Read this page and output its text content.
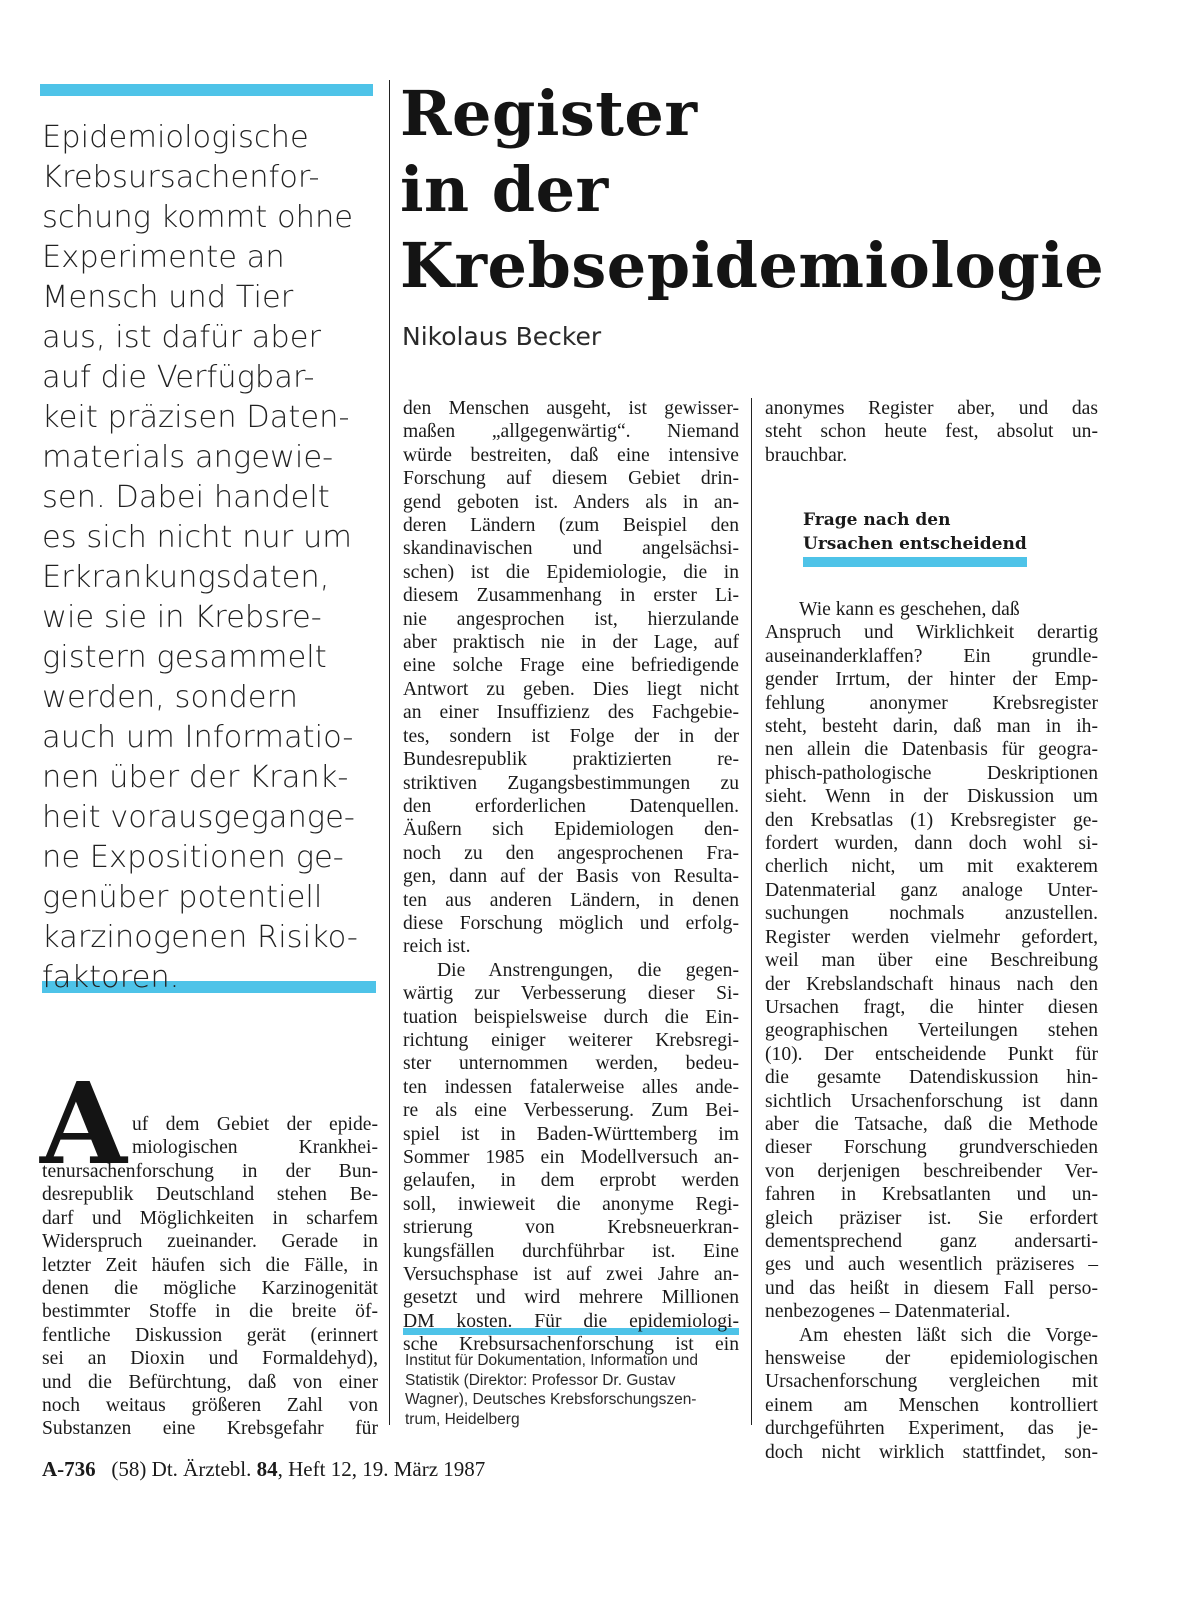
Epidemiologische
Krebsursachenfor-
schung kommt ohne
Experimente an
Mensch und Tier
aus, ist dafür aber
auf die Verfügbar-
keit präzisen Daten-
materials angewie-
sen. Dabei handelt
es sich nicht nur um
Erkrankungsdaten,
wie sie in Krebsre-
gistern gesammelt
werden, sondern
auch um Informatio-
nen über der Krank-
heit vorausgegange-
ne Expositionen ge-
genüber potentiell
karzinogenen Risiko-
faktoren.
Register
in der
Krebsepidemiologie
Nikolaus Becker
A uf dem Gebiet der epide-
miologischen Krankhei-
tenursachenforschung in der Bun-
desrepublik Deutschland stehen Be-
darf und Möglichkeiten in scharfem
Widerspruch zueinander. Gerade in
letzter Zeit häufen sich die Fälle, in
denen die mögliche Karzinogenität
bestimmter Stoffe in die breite öf-
fentliche Diskussion gerät (erinnert
sei an Dioxin und Formaldehyd),
und die Befürchtung, daß von einer
noch weitaus größeren Zahl von
Substanzen eine Krebsgefahr für
den Menschen ausgeht, ist gewisser-
maßen „allgegenwärtig“. Niemand
würde bestreiten, daß eine intensive
Forschung auf diesem Gebiet drin-
gend geboten ist. Anders als in an-
deren Ländern (zum Beispiel den
skandinavischen und angelsächsi-
schen) ist die Epidemiologie, die in
diesem Zusammenhang in erster Li-
nie angesprochen ist, hierzulande
aber praktisch nie in der Lage, auf
eine solche Frage eine befriedigende
Antwort zu geben. Dies liegt nicht
an einer Insuffizienz des Fachgebie-
tes, sondern ist Folge der in der
Bundesrepublik praktizierten re-
striktiven Zugangsbestimmungen zu
den erforderlichen Datenquellen.
Äußern sich Epidemiologen den-
noch zu den angesprochenen Fra-
gen, dann auf der Basis von Resulta-
ten aus anderen Ländern, in denen
diese Forschung möglich und erfolg-
reich ist.
Die Anstrengungen, die gegen-
wärtig zur Verbesserung dieser Si-
tuation beispielsweise durch die Ein-
richtung einiger weiterer Krebsregi-
ster unternommen werden, bedeu-
ten indessen fatalerweise alles ande-
re als eine Verbesserung. Zum Bei-
spiel ist in Baden-Württemberg im
Sommer 1985 ein Modellversuch an-
gelaufen, in dem erprobt werden
soll, inwieweit die anonyme Regi-
strierung von Krebsneuerkran-
kungsfällen durchführbar ist. Eine
Versuchsphase ist auf zwei Jahre an-
gesetzt und wird mehrere Millionen
DM kosten. Für die epidemiologi-
sche Krebsursachenforschung ist ein
Institut für Dokumentation, Information und
Statistik (Direktor: Professor Dr. Gustav
Wagner), Deutsches Krebsforschungszen-
trum, Heidelberg
anonymes Register aber, und das
steht schon heute fest, absolut un-
brauchbar.
Frage nach den
Ursachen entscheidend
Wie kann es geschehen, daß
Anspruch und Wirklichkeit derartig
auseinanderklaffen? Ein grundle-
gender Irrtum, der hinter der Emp-
fehlung anonymer Krebsregister
steht, besteht darin, daß man in ih-
nen allein die Datenbasis für geogra-
phisch-pathologische Deskriptionen
sieht. Wenn in der Diskussion um
den Krebsatlas (1) Krebsregister ge-
fordert wurden, dann doch wohl si-
cherlich nicht, um mit exakterem
Datenmaterial ganz analoge Unter-
suchungen nochmals anzustellen.
Register werden vielmehr gefordert,
weil man über eine Beschreibung
der Krebslandschaft hinaus nach den
Ursachen fragt, die hinter diesen
geographischen Verteilungen stehen
(10). Der entscheidende Punkt für
die gesamte Datendiskussion hin-
sichtlich Ursachenforschung ist dann
aber die Tatsache, daß die Methode
dieser Forschung grundverschieden
von derjenigen beschreibender Ver-
fahren in Krebsatlanten und un-
gleich präziser ist. Sie erfordert
dementsprechend ganz andersarti-
ges und auch wesentlich präziseres –
und das heißt in diesem Fall perso-
nenbezogenes – Datenmaterial.
Am ehesten läßt sich die Vorge-
hensweise der epidemiologischen
Ursachenforschung vergleichen mit
einem am Menschen kontrolliert
durchgeführten Experiment, das je-
doch nicht wirklich stattfindet, son-
A-736 (58) Dt. Ärztebl. 84, Heft 12, 19. März 1987
